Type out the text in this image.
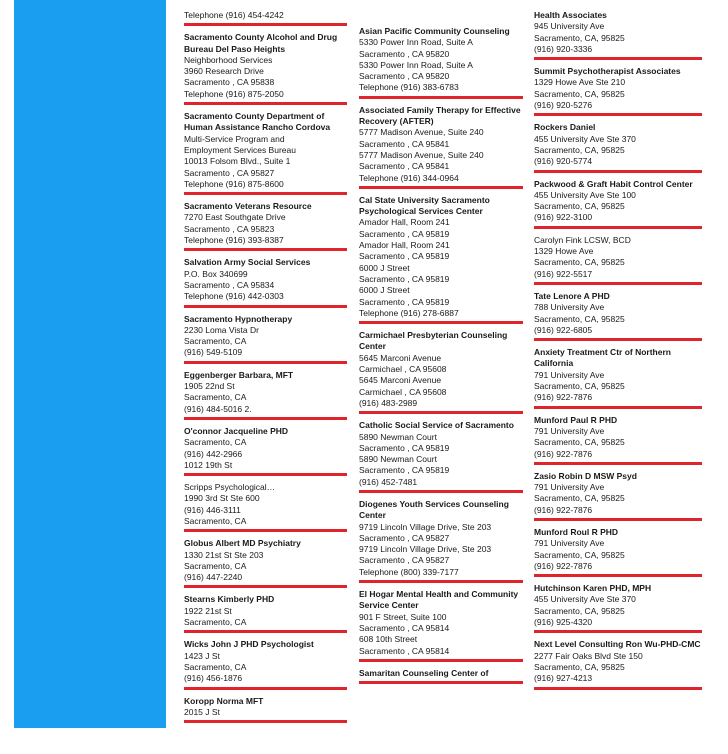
Telephone (916) 454-4242
Sacramento County Alcohol and Drug Bureau Del Paso Heights
Neighborhood Services
3960 Research Drive
Sacramento , CA 95838
Telephone (916) 875-2050
Sacramento County Department of Human Assistance Rancho Cordova
Multi-Service Program and
Employment Services Bureau
10013 Folsom Blvd., Suite 1
Sacramento , CA 95827
Telephone (916) 875-8600
Sacramento Veterans Resource
7270 East Southgate Drive
Sacramento , CA 95823
Telephone (916) 393-8387
Salvation Army Social Services
P.O. Box 340699
Sacramento , CA 95834
Telephone (916) 442-0303
Sacramento Hypnotherapy
2230 Loma Vista Dr
Sacramento, CA
(916) 549-5109
Eggenberger Barbara, MFT
1905 22nd St
Sacramento, CA
(916) 484-5016 2.
O'connor Jacqueline PHD
Sacramento, CA
(916) 442-2966
1012 19th St
Scripps Psychological…
1990 3rd St Ste 600
(916) 446-3111
Sacramento, CA
Globus Albert MD Psychiatry
1330 21st St Ste 203
Sacramento, CA
(916) 447-2240
Stearns Kimberly PHD
1922 21st St
Sacramento, CA
Wicks John J PHD Psychologist
1423 J St
Sacramento, CA
(916) 456-1876
Koropp Norma MFT
2015 J St
Asian Pacific Community Counseling
5330 Power Inn Road, Suite A
Sacramento , CA 95820
5330 Power Inn Road, Suite A
Sacramento , CA 95820
Telephone (916) 383-6783
Associated Family Therapy for Effective Recovery (AFTER)
5777 Madison Avenue, Suite 240
Sacramento , CA 95841
5777 Madison Avenue, Suite 240
Sacramento , CA 95841
Telephone (916) 344-0964
Cal State University Sacramento Psychological Services Center
Amador Hall, Room 241
Sacramento , CA 95819
Amador Hall, Room 241
Sacramento , CA 95819
6000 J Street
Sacramento , CA 95819
6000 J Street
Sacramento , CA 95819
Telephone (916) 278-6887
Carmichael Presbyterian Counseling Center
5645 Marconi Avenue
Carmichael , CA 95608
5645 Marconi Avenue
Carmichael , CA 95608
(916) 483-2989
Catholic Social Service of Sacramento
5890 Newman Court
Sacramento , CA 95819
5890 Newman Court
Sacramento , CA 95819
(916) 452-7481
Diogenes Youth Services Counseling Center
9719 Lincoln Village Drive, Ste 203
Sacramento , CA 95827
9719 Lincoln Village Drive, Ste 203
Sacramento , CA 95827
Telephone (800) 339-7177
El Hogar Mental Health and Community Service Center
901 F Street, Suite 100
Sacramento , CA 95814
608 10th Street
Sacramento , CA 95814
Samaritan Counseling Center of
Health Associates
945 University Ave
Sacramento, CA, 95825
(916) 920-3336
Summit Psychotherapist Associates
1329 Howe Ave Ste 210
Sacramento, CA, 95825
(916) 920-5276
Rockers Daniel
455 University Ave Ste 370
Sacramento, CA, 95825
(916) 920-5774
Packwood & Graft Habit Control Center
455 University Ave Ste 100
Sacramento, CA, 95825
(916) 922-3100
Carolyn Fink LCSW, BCD
1329 Howe Ave
Sacramento, CA, 95825
(916) 922-5517
Tate Lenore A PHD
788 University Ave
Sacramento, CA, 95825
(916) 922-6805
Anxiety Treatment Ctr of Northern California
791 University Ave
Sacramento, CA, 95825
(916) 922-7876
Munford Paul R PHD
791 University Ave
Sacramento, CA, 95825
(916) 922-7876
Zasio Robin D MSW Psyd
791 University Ave
Sacramento, CA, 95825
(916) 922-7876
Munford Roul R PHD
791 University Ave
Sacramento, CA, 95825
(916) 922-7876
Hutchinson Karen PHD, MPH
455 University Ave Ste 370
Sacramento, CA, 95825
(916) 925-4320
Next Level Consulting Ron Wu-PHD-CMC
2277 Fair Oaks Blvd Ste 150
Sacramento, CA, 95825
(916) 927-4213
